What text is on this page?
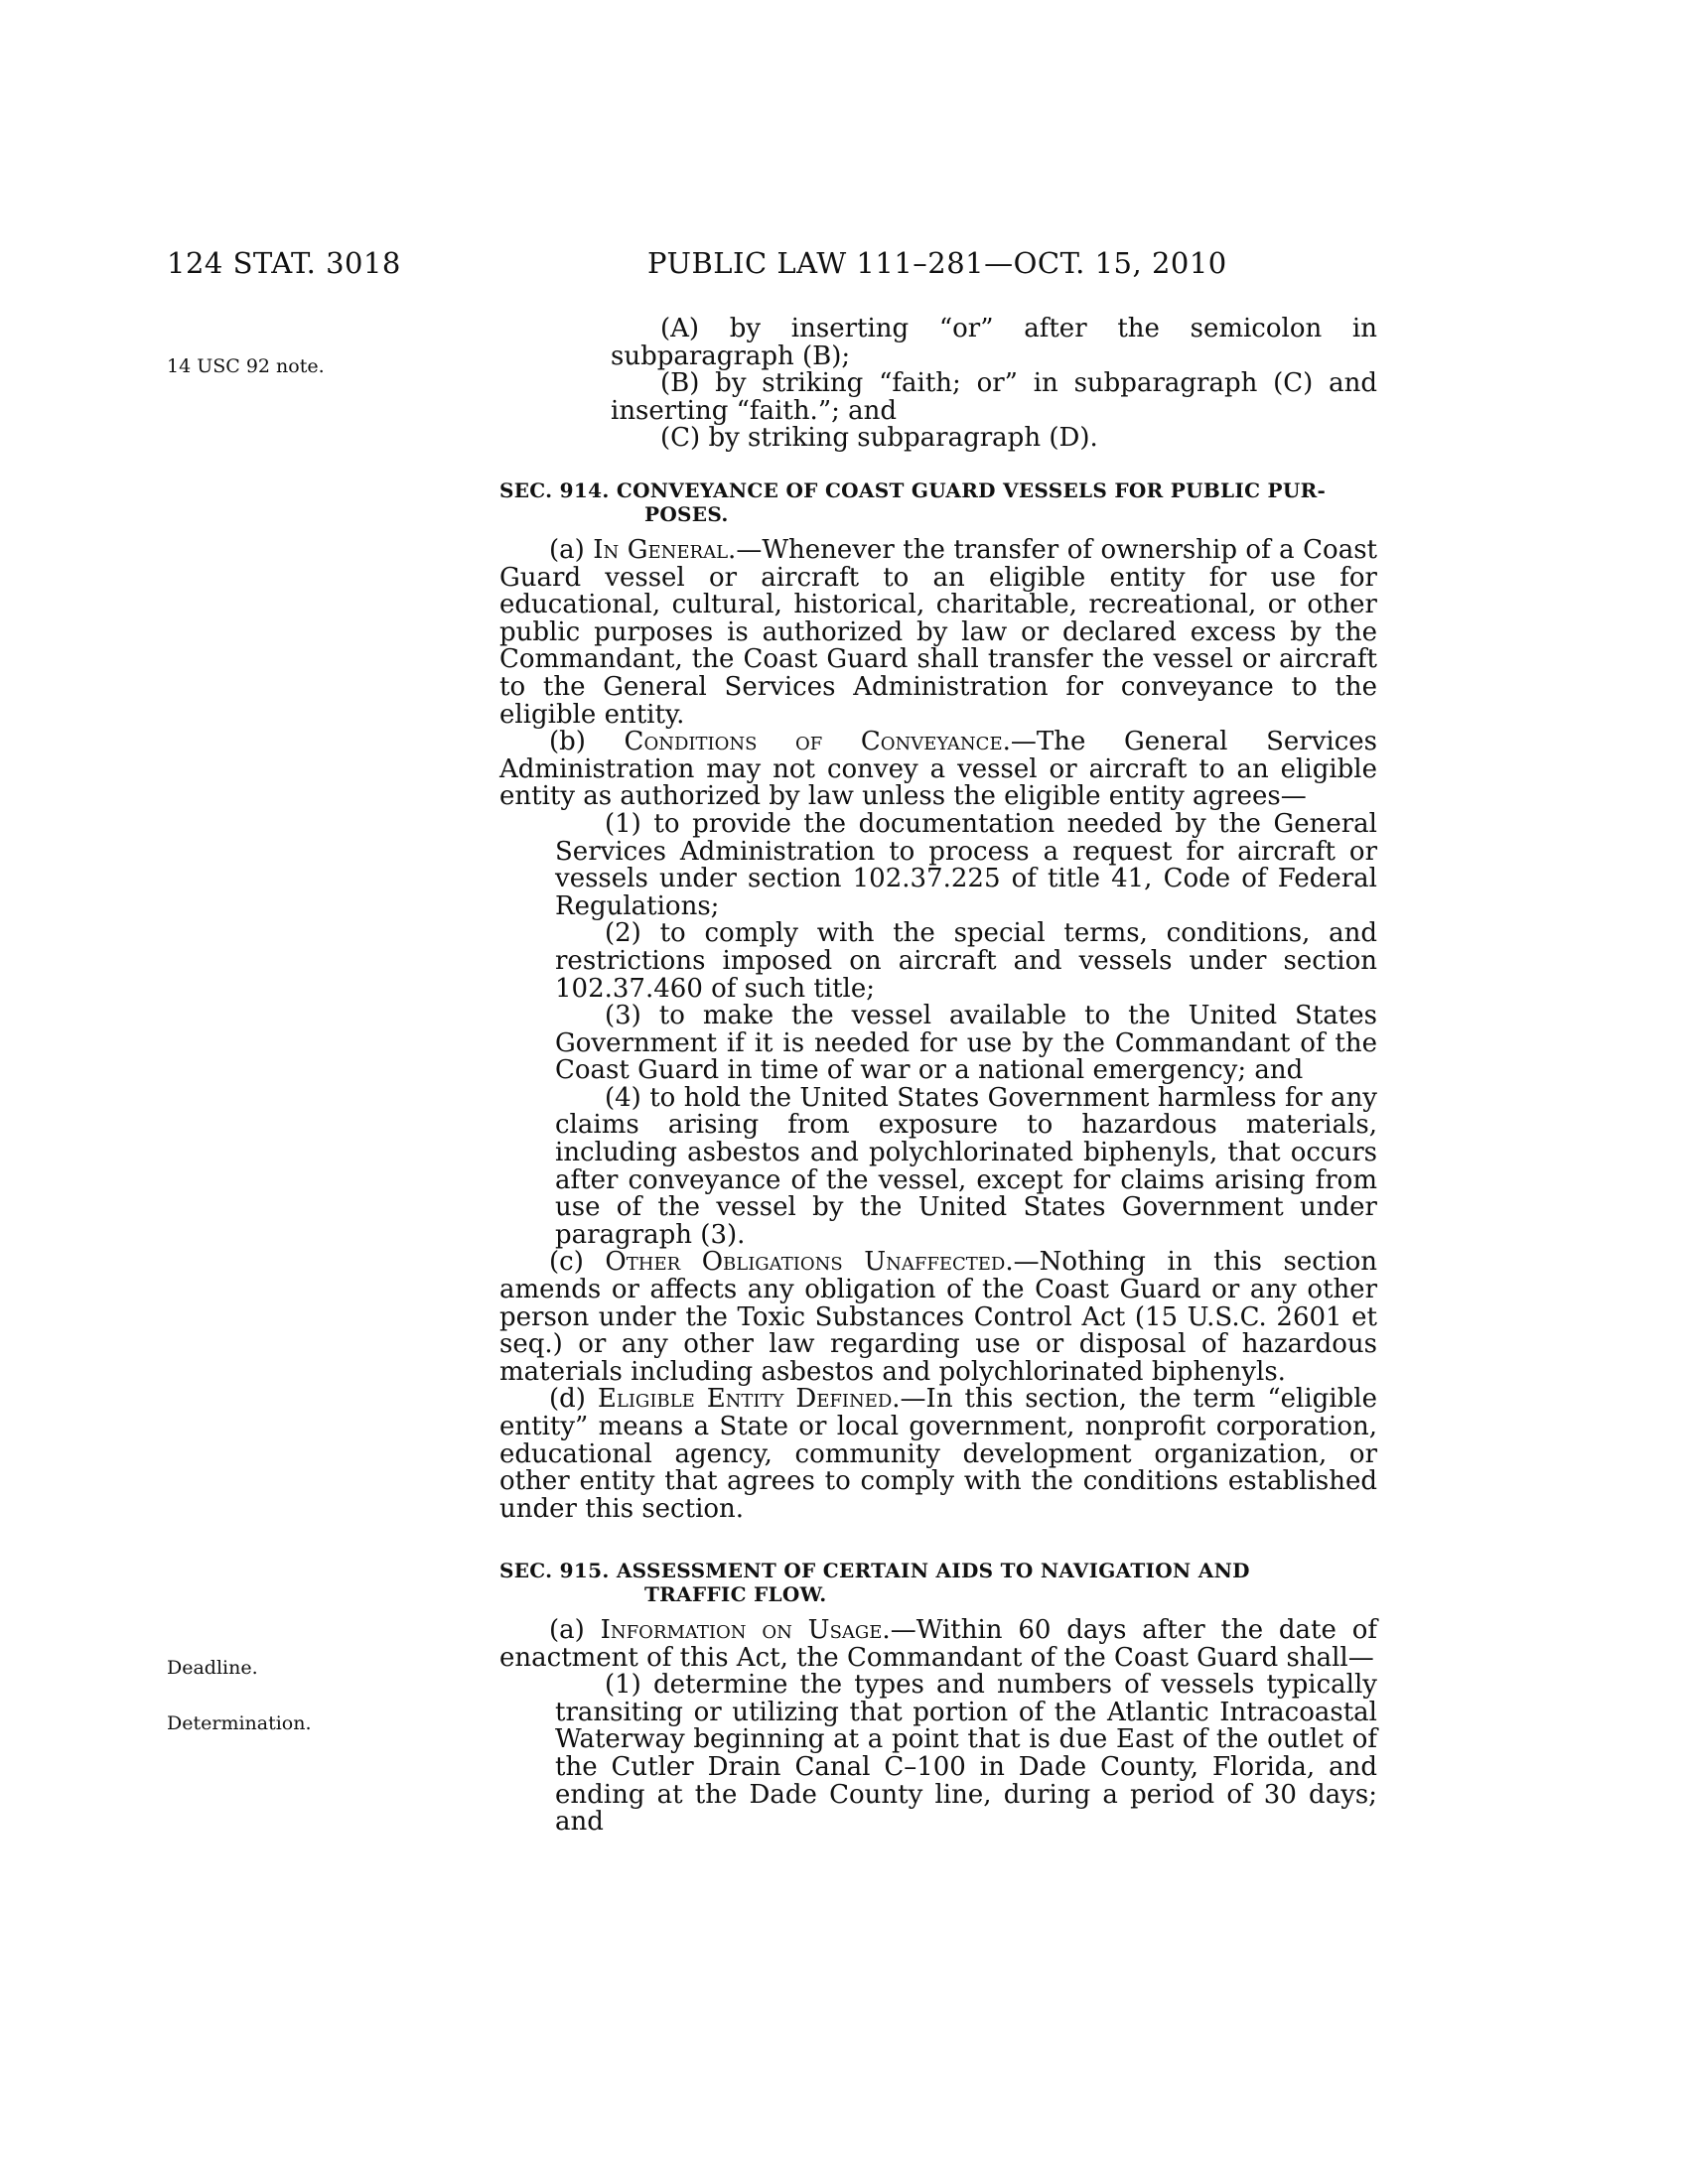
124 STAT. 3018	PUBLIC LAW 111–281—OCT. 15, 2010
14 USC 92 note.
Deadline.
Determination.

(A) by inserting “or” after the semicolon in subparagraph (B);

(B) by striking “faith; or” in subparagraph (C) and inserting “faith.”; and

(C) by striking subparagraph (D).

SEC. 914. CONVEYANCE OF COAST GUARD VESSELS FOR PUBLIC PUR-
POSES.

(a) In General.—Whenever the transfer of ownership of a Coast Guard vessel or aircraft to an eligible entity for use for educational, cultural, historical, charitable, recreational, or other public purposes is authorized by law or declared excess by the Commandant, the Coast Guard shall transfer the vessel or aircraft to the General Services Administration for conveyance to the eligible entity.

(b) Conditions of Conveyance.—The General Services Administration may not convey a vessel or aircraft to an eligible entity as authorized by law unless the eligible entity agrees—

(1) to provide the documentation needed by the General Services Administration to process a request for aircraft or vessels under section 102.37.225 of title 41, Code of Federal Regulations;

(2) to comply with the special terms, conditions, and restrictions imposed on aircraft and vessels under section 102.37.460 of such title;

(3) to make the vessel available to the United States Government if it is needed for use by the Commandant of the Coast Guard in time of war or a national emergency; and

(4) to hold the United States Government harmless for any claims arising from exposure to hazardous materials, including asbestos and polychlorinated biphenyls, that occurs after conveyance of the vessel, except for claims arising from use of the vessel by the United States Government under paragraph (3).

(c) Other Obligations Unaffected.—Nothing in this section amends or affects any obligation of the Coast Guard or any other person under the Toxic Substances Control Act (15 U.S.C. 2601 et seq.) or any other law regarding use or disposal of hazardous materials including asbestos and polychlorinated biphenyls.

(d) Eligible Entity Defined.—In this section, the term “eligible entity” means a State or local government, nonprofit corporation, educational agency, community development organization, or other entity that agrees to comply with the conditions established under this section.

SEC. 915. ASSESSMENT OF CERTAIN AIDS TO NAVIGATION AND
TRAFFIC FLOW.

(a) Information on Usage.—Within 60 days after the date of enactment of this Act, the Commandant of the Coast Guard shall—

(1) determine the types and numbers of vessels typically transiting or utilizing that portion of the Atlantic Intracoastal Waterway beginning at a point that is due East of the outlet of the Cutler Drain Canal C–100 in Dade County, Florida, and ending at the Dade County line, during a period of 30 days; and
